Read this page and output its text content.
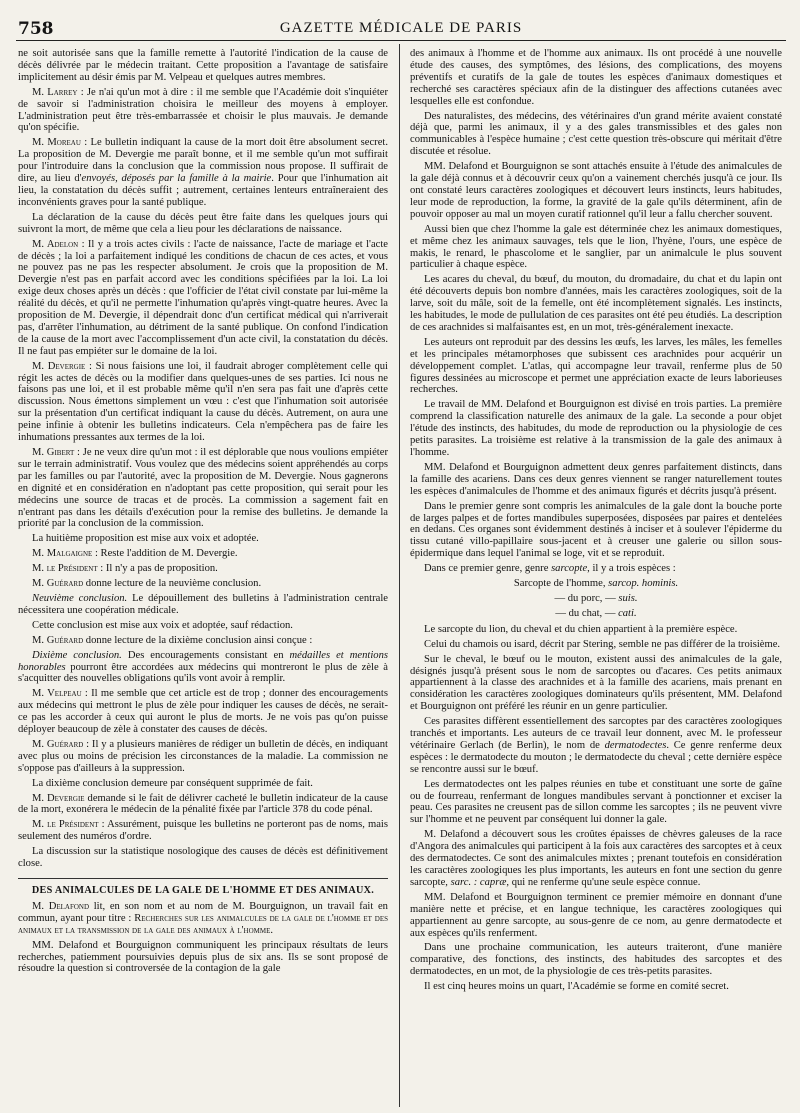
758	GAZETTE MÉDICALE DE PARIS

ne soit autorisée sans que la famille remette à l'autorité l'indication de la cause de décès délivrée par le médecin traitant. Cette proposition a l'avantage de satisfaire implicitement au désir émis par M. Velpeau et quelques autres membres.

M. Larrey : Je n'ai qu'un mot à dire : il me semble que l'Académie doit s'inquiéter de savoir si l'administration choisira le meilleur des moyens à employer. L'administration peut être très-embarrassée et choisir le plus mauvais. Je demande qu'on spécifie.

M. Moreau : Le bulletin indiquant la cause de la mort doit être absolument secret. La proposition de M. Devergie me paraît bonne, et il me semble qu'un mot suffirait pour l'introduire dans la conclusion que la commission nous propose. Il suffirait de dire, au lieu d'envoyés, déposés par la famille à la mairie. Pour que l'inhumation ait lieu, la constatation du décès suffit ; autrement, certaines lenteurs entraîneraient des inconvénients graves pour la santé publique.

La déclaration de la cause du décès peut être faite dans les quelques jours qui suivront la mort, de même que cela a lieu pour les déclarations de naissance.

M. Adelon : Il y a trois actes civils : l'acte de naissance, l'acte de mariage et l'acte de décès ; la loi a parfaitement indiqué les conditions de chacun de ces actes, et vous ne pouvez pas ne pas les respecter absolument. Je crois que la proposition de M. Devergie n'est pas en parfait accord avec les conditions spécifiées par la loi. La loi exige deux choses après un décès : que l'officier de l'état civil constate par lui-même la réalité du décès, et qu'il ne permette l'inhumation qu'après vingt-quatre heures. Avec la proposition de M. Devergie, il dépendrait donc d'un certificat médical qui n'arriverait pas, d'arrêter l'inhumation, au détriment de la santé publique. On confond l'indication de la cause de la mort avec l'accomplissement d'un acte civil, la constatation du décès. Il ne faut pas empiéter sur le domaine de la loi.

M. Devergie : Si nous faisions une loi, il faudrait abroger complètement celle qui régit les actes de décès ou la modifier dans quelques-unes de ses parties. Ici nous ne faisons pas une loi, et il est probable même qu'il n'en sera pas fait une d'après cette discussion. Nous émettons simplement un vœu : c'est que l'inhumation soit autorisée sur la présentation d'un certificat indiquant la cause du décès. Autrement, on aura une peine infinie à obtenir les bulletins indicateurs. Cela n'empêchera pas de faire les inhumations pressantes aux termes de la loi.

M. Gibert : Je ne veux dire qu'un mot : il est déplorable que nous voulions empiéter sur le terrain administratif. Vous voulez que des médecins soient appréhendés au corps par les familles ou par l'autorité, avec la proposition de M. Devergie. Nous gagnerons en dignité et en considération en n'adoptant pas cette proposition, qui serait pour les médecins une source de tracas et de procès. La commission a sagement fait en n'entrant pas dans les détails d'exécution pour la remise des bulletins. Je demande la priorité par la conclusion de la commission.

La huitième proposition est mise aux voix et adoptée.

M. Malgaigne : Reste l'addition de M. Devergie.

M. le Président : Il n'y a pas de proposition.

M. Guérard donne lecture de la neuvième conclusion.

Neuvième conclusion. Le dépouillement des bulletins à l'administration centrale nécessitera une coopération médicale.

Cette conclusion est mise aux voix et adoptée, sauf rédaction.

M. Guérard donne lecture de la dixième conclusion ainsi conçue :

Dixième conclusion. Des encouragements consistant en médailles et mentions honorables pourront être accordées aux médecins qui montreront le plus de zèle à s'acquitter des nouvelles obligations qu'ils vont avoir à remplir.

M. Velpeau : Il me semble que cet article est de trop ; donner des encouragements aux médecins qui mettront le plus de zèle pour indiquer les causes de décès, ne serait-ce pas les accorder à ceux qui auront le plus de morts. Je ne vois pas qu'on puisse déployer beaucoup de zèle à constater des causes de décès.

M. Guérard : Il y a plusieurs manières de rédiger un bulletin de décès, en indiquant avec plus ou moins de précision les circonstances de la maladie. La commission ne s'oppose pas d'ailleurs à la suppression.

La dixième conclusion demeure par conséquent supprimée de fait.

M. Devergie demande si le fait de délivrer cacheté le bulletin indicateur de la cause de la mort, exonérera le médecin de la pénalité fixée par l'article 378 du code pénal.

M. le Président : Assurément, puisque les bulletins ne porteront pas de noms, mais seulement des numéros d'ordre.

La discussion sur la statistique nosologique des causes de décès est définitivement close.

DES ANIMALCULES DE LA GALE DE L'HOMME ET DES ANIMAUX.

M. Delafond lit, en son nom et au nom de M. Bourguignon, un travail fait en commun, ayant pour titre : Recherches sur les animalcules de la gale de l'homme et des animaux et la transmission de la gale des animaux à l'homme.

MM. Delafond et Bourguignon communiquent les principaux résultats de leurs recherches, patiemment poursuivies depuis plus de six ans. Ils se sont proposé de résoudre la question si controversée de la contagion de la gale

des animaux à l'homme et de l'homme aux animaux. Ils ont procédé à une nouvelle étude des causes, des symptômes, des lésions, des complications, des moyens préventifs et curatifs de la gale de toutes les espèces d'animaux domestiques et recherché ses caractères spéciaux afin de la distinguer des affections cutanées avec lesquelles elle est confondue.

Des naturalistes, des médecins, des vétérinaires d'un grand mérite avaient constaté déjà que, parmi les animaux, il y a des gales transmissibles et des gales non communicables à l'espèce humaine ; c'est cette question très-obscure qui méritait d'être discutée et résolue.

MM. Delafond et Bourguignon se sont attachés ensuite à l'étude des animalcules de la gale déjà connus et à découvrir ceux qu'on a vainement cherchés jusqu'à ce jour. Ils ont constaté leurs caractères zoologiques et découvert leurs instincts, leurs habitudes, leur mode de reproduction, la forme, la gravité de la gale qu'ils déterminent, afin de pouvoir opposer au mal un moyen curatif rationnel qu'il leur a fallu chercher souvent.

Aussi bien que chez l'homme la gale est déterminée chez les animaux domestiques, et même chez les animaux sauvages, tels que le lion, l'hyène, l'ours, une espèce de makis, le renard, le phascolome et le sanglier, par un animalcule le plus souvent particulier à chaque espèce.

Les acares du cheval, du bœuf, du mouton, du dromadaire, du chat et du lapin ont été découverts depuis bon nombre d'années, mais les caractères zoologiques, soit de la larve, soit du mâle, soit de la femelle, ont été incomplètement signalés. Les instincts, les habitudes, le mode de pullulation de ces parasites ont été peu étudiés. La description de ces arachnides si malfaisantes est, en un mot, très-généralement inexacte.

Les auteurs ont reproduit par des dessins les œufs, les larves, les mâles, les femelles et les principales métamorphoses que subissent ces arachnides pour acquérir un développement complet. L'atlas, qui accompagne leur travail, renferme plus de 50 figures dessinées au microscope et permet une appréciation exacte de leurs laborieuses recherches.

Le travail de MM. Delafond et Bourguignon est divisé en trois parties. La première comprend la classification naturelle des animaux de la gale. La seconde a pour objet l'étude des instincts, des habitudes, du mode de reproduction ou la physiologie de ces petits parasites. La troisième est relative à la transmission de la gale des animaux à l'homme.

MM. Delafond et Bourguignon admettent deux genres parfaitement distincts, dans la famille des acariens. Dans ces deux genres viennent se ranger naturellement toutes les espèces d'animalcules de l'homme et des animaux figurés et décrits jusqu'à présent.

Dans le premier genre sont compris les animalcules de la gale dont la bouche porte de larges palpes et de fortes mandibules superposées, disposées par paires et dentelées en dedans. Ces organes sont évidemment destinés à inciser et à soulever l'épiderme du tissu cutané villo-papillaire sous-jacent et à creuser une galerie ou sillon sous-épidermique dans lequel l'animal se loge, vit et se reproduit.

Dans ce premier genre, genre sarcopte, il y a trois espèces :

Sarcopte de l'homme, sarcop. hominis.

— du porc, — suis.

— du chat, — cati.

Le sarcopte du lion, du cheval et du chien appartient à la première espèce.

Celui du chamois ou isard, décrit par Stering, semble ne pas différer de la troisième.

Sur le cheval, le bœuf ou le mouton, existent aussi des animalcules de la gale, désignés jusqu'à présent sous le nom de sarcoptes ou d'acares. Ces petits animaux appartiennent à la classe des arachnides et à la famille des acariens, mais prenant en considération les caractères zoologiques dominateurs qu'ils présentent, MM. Delafond et Bourguignon ont préféré les réunir en un genre particulier.

Ces parasites diffèrent essentiellement des sarcoptes par des caractères zoologiques tranchés et importants. Les auteurs de ce travail leur donnent, avec M. le professeur vétérinaire Gerlach (de Berlin), le nom de dermatodectes. Ce genre renferme deux espèces : le dermatodecte du mouton ; le dermatodecte du cheval ; cette dernière espèce se rencontre aussi sur le bœuf.

Les dermatodectes ont les palpes réunies en tube et constituant une sorte de gaîne ou de fourreau, renfermant de longues mandibules servant à ponctionner et exciser la peau. Ces parasites ne creusent pas de sillon comme les sarcoptes ; ils ne peuvent vivre sur l'homme et ne peuvent par conséquent lui donner la gale.

M. Delafond a découvert sous les croûtes épaisses de chèvres galeuses de la race d'Angora des animalcules qui participent à la fois aux caractères des sarcoptes et à ceux des dermatodectes. Ce sont des animalcules mixtes ; prenant toutefois en considération les caractères zoologiques les plus importants, les auteurs en font une section du genre sarcopte, sarc. : capræ, qui ne renferme qu'une seule espèce connue.

MM. Delafond et Bourguignon terminent ce premier mémoire en donnant d'une manière nette et précise, et en langue technique, les caractères zoologiques qui appartiennent au genre sarcopte, au sous-genre de ce nom, au genre dermatodecte et aux espèces qu'ils renferment.

Dans une prochaine communication, les auteurs traiteront, d'une manière comparative, des fonctions, des instincts, des habitudes des sarcoptes et des dermatodectes, en un mot, de la physiologie de ces très-petits parasites.

Il est cinq heures moins un quart, l'Académie se forme en comité secret.
